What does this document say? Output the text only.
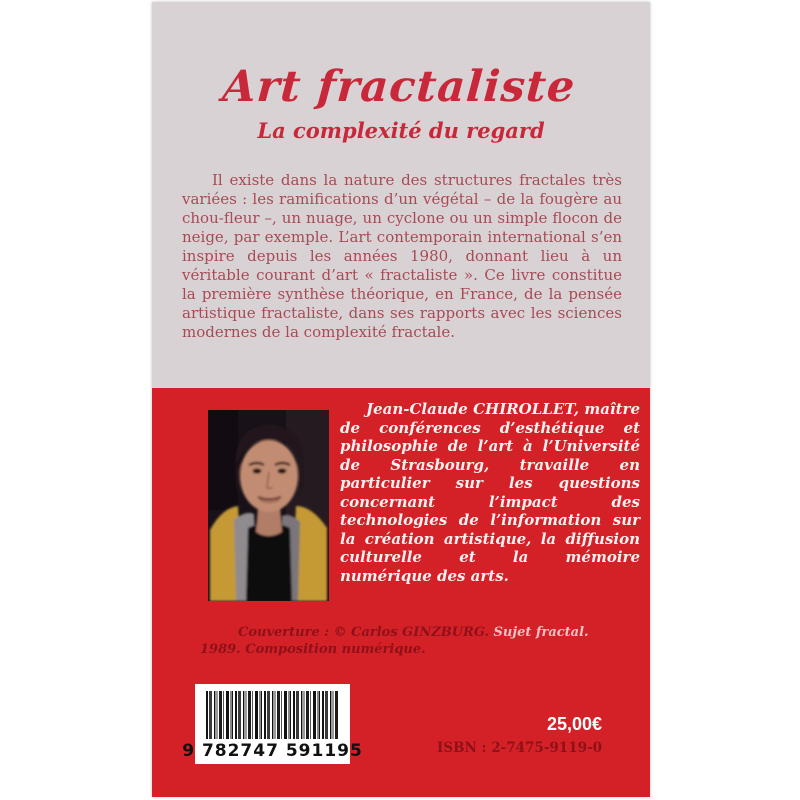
Art fractaliste
La complexité du regard

Il existe dans la nature des structures fractales très variées : les ramifications d’un végétal – de la fougère au chou-fleur –, un nuage, un cyclone ou un simple flocon de neige, par exemple. L’art contemporain international s’en inspire depuis les années 1980, donnant lieu à un véritable courant d’art « fractaliste ». Ce livre constitue la première synthèse théorique, en France, de la pensée artistique fractaliste, dans ses rapports avec les sciences modernes de la complexité fractale.

Jean-Claude CHIROLLET, maître de conférences d’esthétique et philosophie de l’art à l’Université de Strasbourg, travaille en particulier sur les questions concernant l’impact des technologies de l’information sur la création artistique, la diffusion culturelle et la mémoire numérique des arts.

Couverture : © Carlos GINZBURG. Sujet fractal. 1989. Composition numérique.

9 782747 591195

25,00€

ISBN : 2-7475-9119-0
